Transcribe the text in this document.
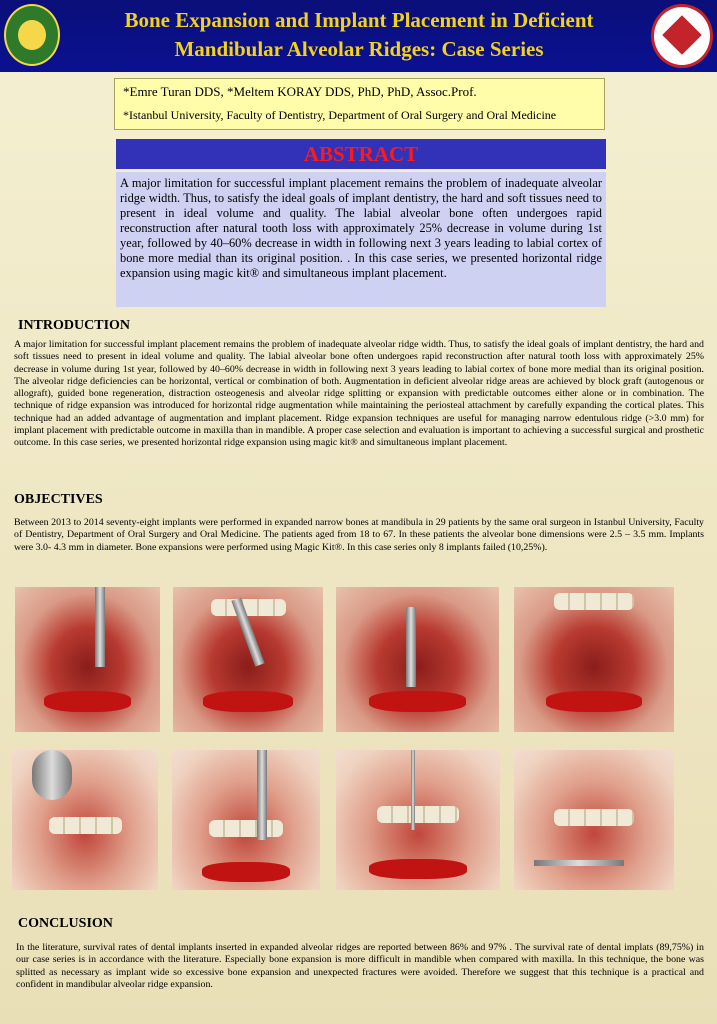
Bone Expansion and Implant Placement in Deficient
Mandibular Alveolar Ridges: Case Series
*Emre Turan DDS, *Meltem KORAY DDS, PhD, PhD, Assoc.Prof.
*Istanbul University, Faculty of Dentistry, Department of Oral Surgery and Oral Medicine
ABSTRACT
A major limitation for successful implant placement remains the problem of inadequate alveolar ridge width. Thus, to satisfy the ideal goals of implant dentistry, the hard and soft tissues need to present in ideal volume and quality. The labial alveolar bone often undergoes rapid reconstruction after natural tooth loss with approximately 25% decrease in volume during 1st year, followed by 40–60% decrease in width in following next 3 years leading to labial cortex of bone more medial than its original position. . In this case series, we presented horizontal ridge expansion using magic kit® and simultaneous implant placement.
INTRODUCTION
A major limitation for successful implant placement remains the problem of inadequate alveolar ridge width. Thus, to satisfy the ideal goals of implant dentistry, the hard and soft tissues need to present in ideal volume and quality. The labial alveolar bone often undergoes rapid reconstruction after natural tooth loss with approximately 25% decrease in volume during 1st year, followed by 40–60% decrease in width in following next 3 years leading to labial cortex of bone more medial than its original position. The alveolar ridge deficiencies can be horizontal, vertical or combination of both. Augmentation in deficient alveolar ridge areas are achieved by block graft (autogenous or allograft), guided bone regeneration, distraction osteogenesis and alveolar ridge splitting or expansion with predictable outcomes either alone or in combination. The technique of ridge expansion was introduced for horizontal ridge augmentation while maintaining the periosteal attachment by carefully expanding the cortical plates. This technique had an added advantage of augmentation and implant placement. Ridge expansion techniques are useful for managing narrow edentulous ridge (>3.0 mm) for implant placement with predictable outcome in maxilla than in mandible. A proper case selection and evaluation is important to achieving a successful surgical and prosthetic outcome. In this case series, we presented horizontal ridge expansion using magic kit® and simultaneous implant placement.
OBJECTIVES
Between 2013 to 2014 seventy-eight implants were performed in expanded narrow bones at mandibula in 29 patients by the same oral surgeon in Istanbul University, Faculty of Dentistry, Department of Oral Surgery and Oral Medicine. The patients aged from 18 to 67. In these patients the alveolar bone dimensions were 2.5 – 3.5 mm. Implants were 3.0- 4.3 mm in diameter. Bone expansions were performed using Magic Kit®. In this case series only 8 implants failed (10,25%).
CONCLUSION
In the literature, survival rates of dental implants inserted in expanded alveolar ridges are reported between 86% and 97% . The survival rate of dental implats (89,75%) in our case series is in accordance with the literature. Especially bone expansion is more difficult in mandible when compared with maxilla. In this technique, the bone was splitted as necessary as implant wide so excessive bone expansion and unexpected fractures were avoided. Therefore we suggest that this technique is a practical and confident in mandibular alveolar ridge expansion.
